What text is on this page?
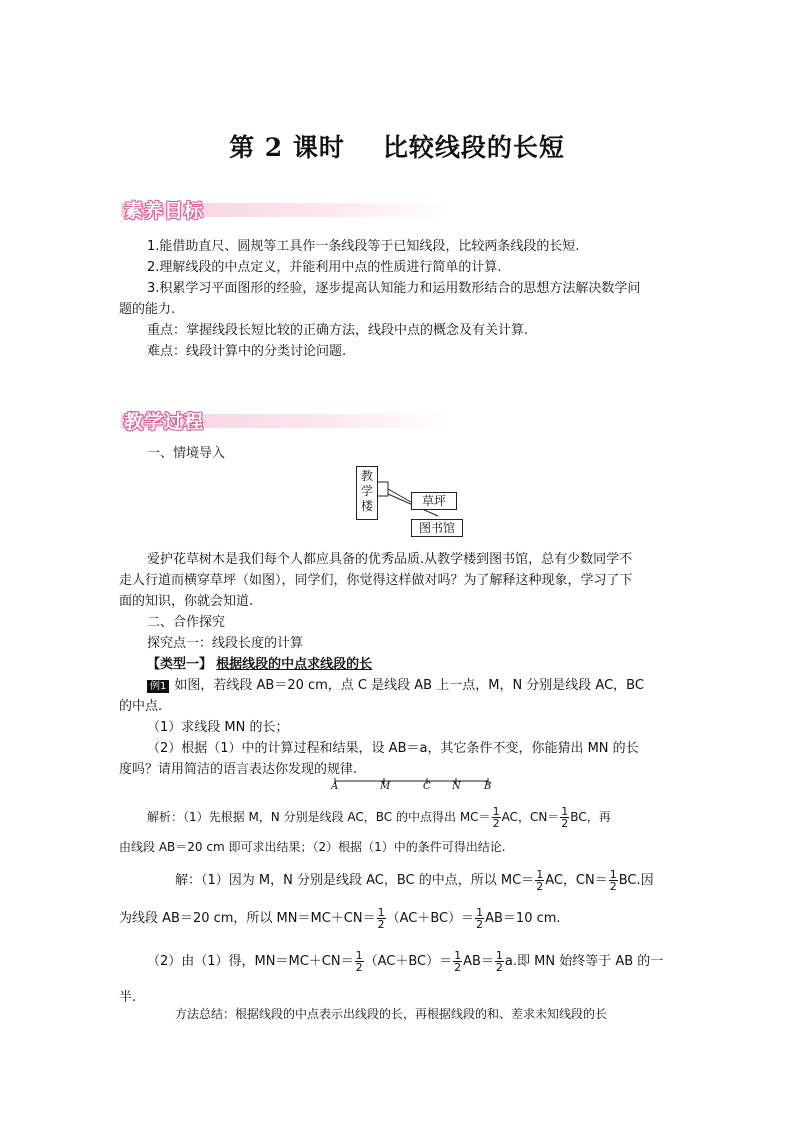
第 2 课时 比较线段的长短
素养目标
1.能借助直尺、圆规等工具作一条线段等于已知线段，比较两条线段的长短.
2.理解线段的中点定义，并能利用中点的性质进行简单的计算.
3.积累学习平面图形的经验，逐步提高认知能力和运用数形结合的思想方法解决数学问
题的能力.
重点：掌握线段长短比较的正确方法，线段中点的概念及有关计算.
难点：线段计算中的分类讨论问题.
教学过程
一、情境导入
教学楼	草坪
图书馆
爱护花草树木是我们每个人都应具备的优秀品质.从教学楼到图书馆，总有少数同学不
走人行道而横穿草坪（如图），同学们，你觉得这样做对吗？为了解释这种现象，学习了下
面的知识，你就会知道.
二、合作探究
探究点一：线段长度的计算
【类型一】 根据线段的中点求线段的长
例1 如图，若线段 AB＝20 cm，点 C 是线段 AB 上一点，M，N 分别是线段 AC，BC
的中点.
（1）求线段 MN 的长；
（2）根据（1）中的计算过程和结果，设 AB＝a，其它条件不变，你能猜出 MN 的长
度吗？请用简洁的语言表达你发现的规律.
A	M	C N B
解析：（1）先根据 M，N 分别是线段 AC，BC 的中点得出 $MC= \frac{1}{2}$ AC，$CN= \frac{1}{2}$ BC，再
由线段 AB＝20 cm 即可求出结果；（2）根据（1）中的条件可得出结论.
解：（1）因为 M，N 分别是线段 AC，BC 的中点，所以 $MC= \frac{1}{2}$ AC，$CN= \frac{1}{2}$ BC.因
为线段 AB＝20 cm，所以 $MN=MC+CN= \frac{1}{2} (AC+BC)= \frac{1}{2} AB=10$ cm.
（2）由（1）得，$MN=MC+CN= \frac{1}{2} (AC+BC)= \frac{1}{2} AB= \frac{1}{2} a$.即 MN 始终等于 AB 的一
半.
方法总结：根据线段的中点表示出线段的长，再根据线段的和、差求未知线段的长
